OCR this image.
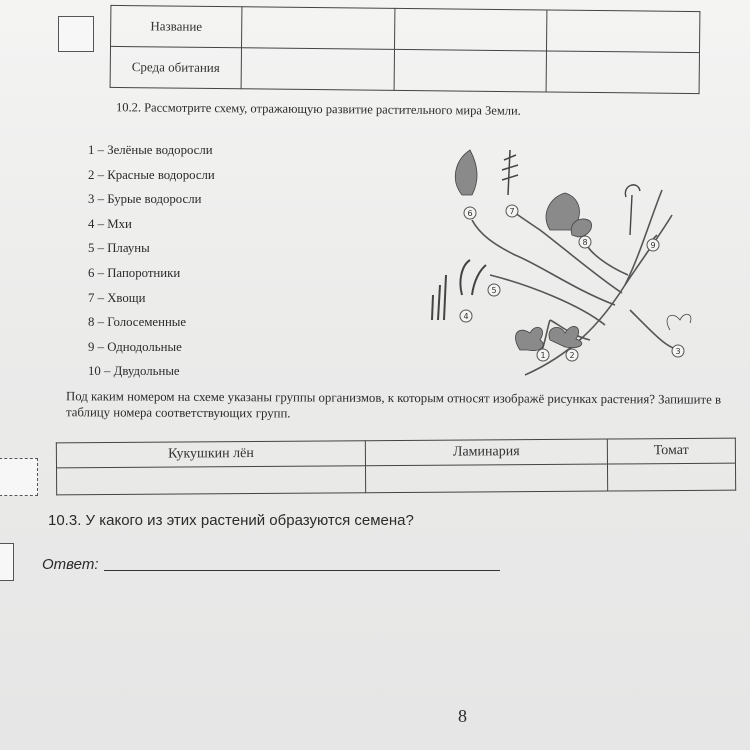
Название			
Среда обитания			
10.2. Рассмотрите схему, отражающую развитие растительного мира Земли.
1 – Зелёные водоросли
2 – Красные водоросли
3 – Бурые водоросли
4 – Мхи
5 – Плауны
6 – Папоротники
7 – Хвощи
8 – Голосеменные
9 – Однодольные
10 – Двудольные
1	2	3
4
5
6	7
8	9
Под каким номером на схеме указаны группы организмов, к которым относят изображё рисунках растения? Запишите в таблицу номера соответствующих групп.
Кукушкин лён	Ламинария	Томат

10.3. У какого из этих растений образуются семена?
Ответ:
8
